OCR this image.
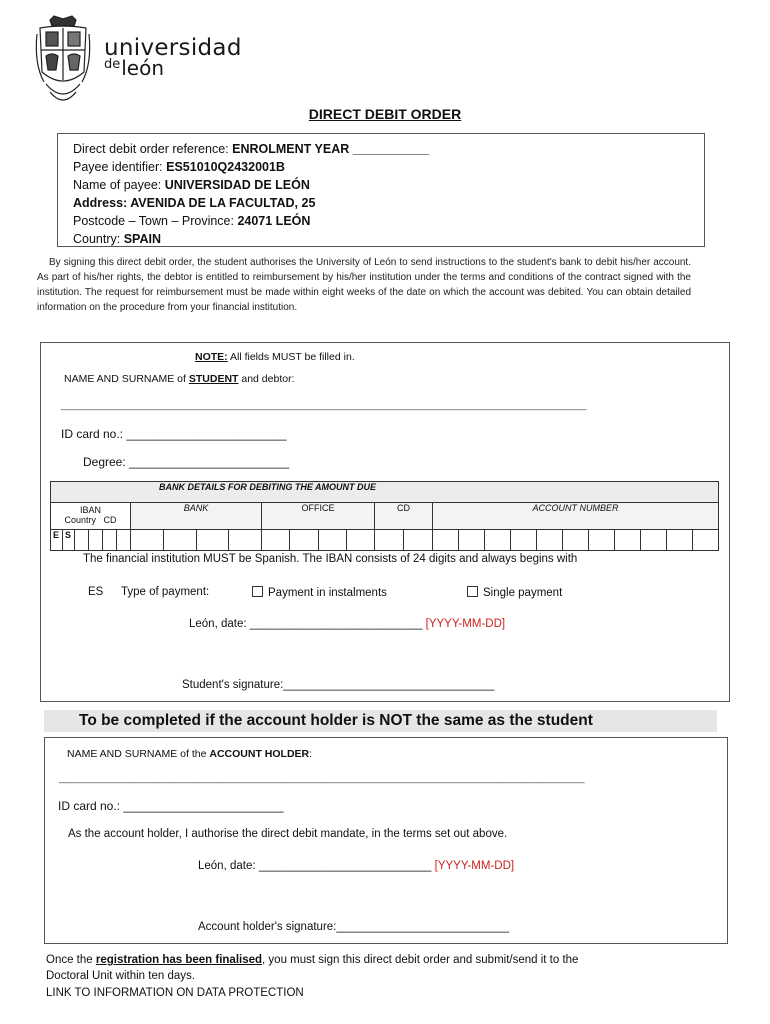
universidad
$^{de}$león
DIRECT DEBIT ORDER
Direct debit order reference: ENROLMENT YEAR ___________
Payee identifier: ES51010Q2432001B
Name of payee: UNIVERSIDAD DE LEÓN
Address: AVENIDA DE LA FACULTAD, 25
Postcode – Town – Province: 24071 LEÓN
Country: SPAIN
By signing this direct debit order, the student authorises the University of León to send instructions to the student's bank to debit his/her account. As part of his/her rights, the debtor is entitled to reimbursement by his/her institution under the terms and conditions of the contract signed with the institution. The request for reimbursement must be made within eight weeks of the date on which the account was debited. You can obtain detailed information on the procedure from your financial institution.
NOTE: All fields MUST be filled in.
NAME AND SURNAME of STUDENT and debtor:
__________________________________________________________________________________________
ID card no.: ________________________
Degree: ________________________
BANK DETAILS FOR DEBITING THE AMOUNT DUE																			

IBAN
Country CD						BANK	OFFICE	CD	ACCOUNT NUMBER										
E	S					

The financial institution MUST be Spanish. The IBAN consists of 24 digits and always begins with
ES Type of payment:	Payment in instalments	Single payment
León, date: ___________________________ [YYYY-MM-DD]
Student's signature:_________________________________
To be completed if the account holder is NOT the same as the student
NAME AND SURNAME of the ACCOUNT HOLDER:
__________________________________________________________________________________________
ID card no.: ________________________
As the account holder, I authorise the direct debit mandate, in the terms set out above.
León, date: ___________________________ [YYYY-MM-DD]
Account holder's signature:___________________________
Once the registration has been finalised, you must sign this direct debit order and submit/send it to the
Doctoral Unit within ten days.
LINK TO INFORMATION ON DATA PROTECTION
